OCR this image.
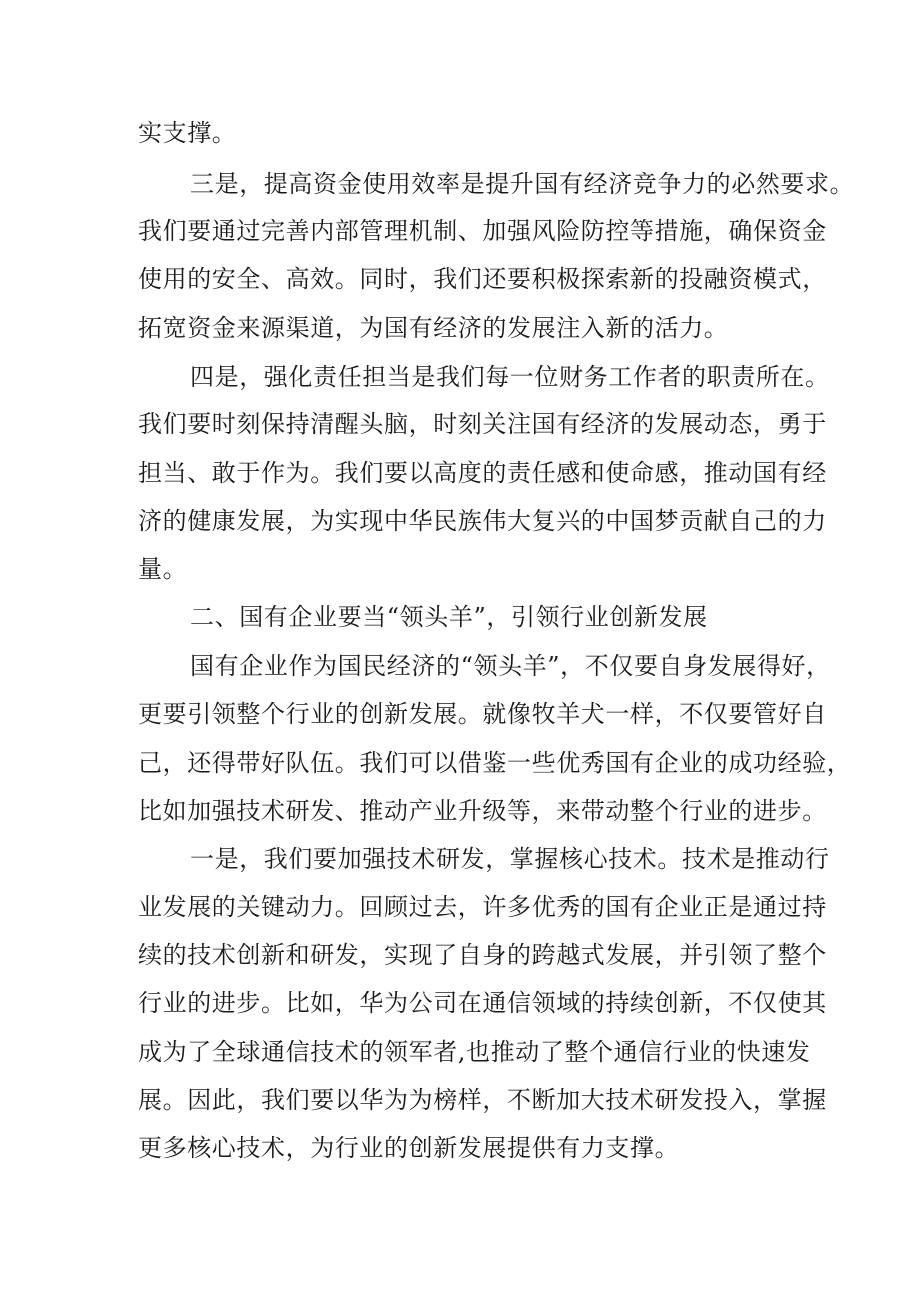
实支撑。

三是，提高资金使用效率是提升国有经济竞争力的必然要求。

我们要通过完善内部管理机制、加强风险防控等措施，确保资金

使用的安全、高效。同时，我们还要积极探索新的投融资模式，

拓宽资金来源渠道，为国有经济的发展注入新的活力。

四是，强化责任担当是我们每一位财务工作者的职责所在。

我们要时刻保持清醒头脑，时刻关注国有经济的发展动态，勇于

担当、敢于作为。我们要以高度的责任感和使命感，推动国有经

济的健康发展，为实现中华民族伟大复兴的中国梦贡献自己的力

量。

二、国有企业要当“领头羊”，引领行业创新发展

国有企业作为国民经济的“领头羊”，不仅要自身发展得好，

更要引领整个行业的创新发展。就像牧羊犬一样，不仅要管好自

己，还得带好队伍。我们可以借鉴一些优秀国有企业的成功经验，

比如加强技术研发、推动产业升级等，来带动整个行业的进步。

一是，我们要加强技术研发，掌握核心技术。技术是推动行

业发展的关键动力。回顾过去，许多优秀的国有企业正是通过持

续的技术创新和研发，实现了自身的跨越式发展，并引领了整个

行业的进步。比如，华为公司在通信领域的持续创新，不仅使其

成为了全球通信技术的领军者,也推动了整个通信行业的快速发

展。因此，我们要以华为为榜样，不断加大技术研发投入，掌握

更多核心技术，为行业的创新发展提供有力支撑。
